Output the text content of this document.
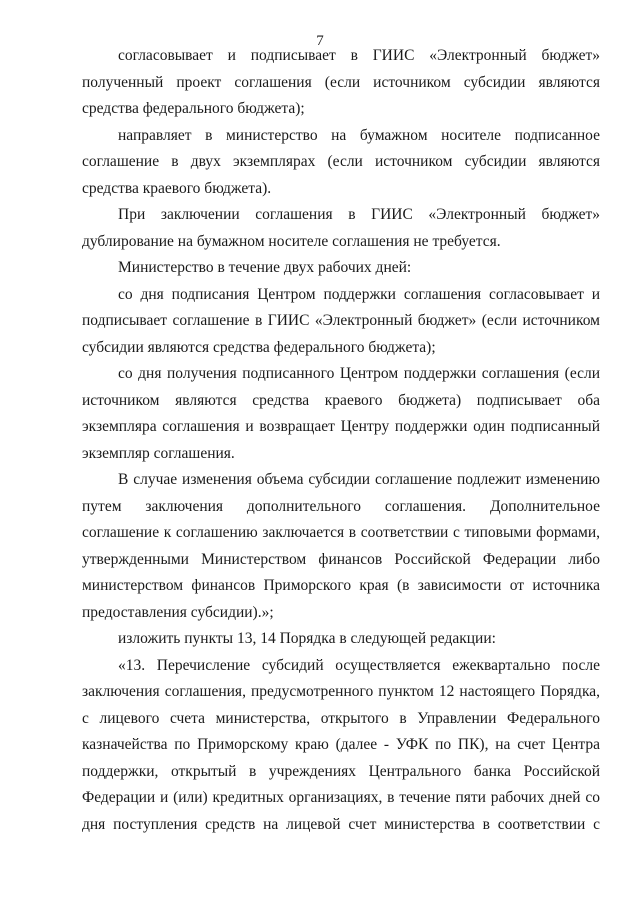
7

согласовывает и подписывает в ГИИС «Электронный бюджет» полученный проект соглашения (если источником субсидии являются средства федерального бюджета);

направляет в министерство на бумажном носителе подписанное соглашение в двух экземплярах (если источником субсидии являются средства краевого бюджета).

При заключении соглашения в ГИИС «Электронный бюджет» дублирование на бумажном носителе соглашения не требуется.

Министерство в течение двух рабочих дней:

со дня подписания Центром поддержки соглашения согласовывает и подписывает соглашение в ГИИС «Электронный бюджет» (если источником субсидии являются средства федерального бюджета);

со дня получения подписанного Центром поддержки соглашения (если источником являются средства краевого бюджета) подписывает оба экземпляра соглашения и возвращает Центру поддержки один подписанный экземпляр соглашения.

В случае изменения объема субсидии соглашение подлежит изменению путем заключения дополнительного соглашения. Дополнительное соглашение к соглашению заключается в соответствии с типовыми формами, утвержденными Министерством финансов Российской Федерации либо министерством финансов Приморского края (в зависимости от источника предоставления субсидии).»;

изложить пункты 13, 14 Порядка в следующей редакции:

«13. Перечисление субсидий осуществляется ежеквартально после заключения соглашения, предусмотренного пунктом 12 настоящего Порядка, с лицевого счета министерства, открытого в Управлении Федерального казначейства по Приморскому краю (далее - УФК по ПК), на счет Центра поддержки, открытый в учреждениях Центрального банка Российской Федерации и (или) кредитных организациях, в течение пяти рабочих дней со дня поступления средств на лицевой счет министерства в соответствии с
